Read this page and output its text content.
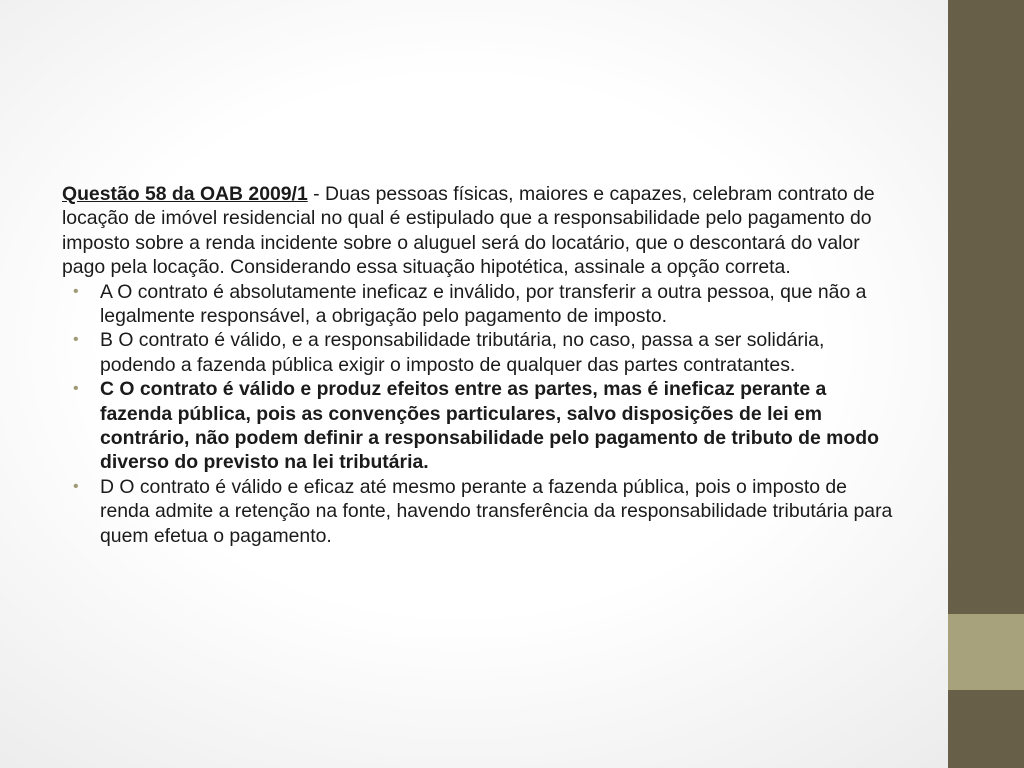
Questão 58 da OAB 2009/1 - Duas pessoas físicas, maiores e capazes, celebram contrato de locação de imóvel residencial no qual é estipulado que a responsabilidade pelo pagamento do imposto sobre a renda incidente sobre o aluguel será do locatário, que o descontará do valor pago pela locação. Considerando essa situação hipotética, assinale a opção correta.

• A O contrato é absolutamente ineficaz e inválido, por transferir a outra pessoa, que não a legalmente responsável, a obrigação pelo pagamento de imposto.
• B O contrato é válido, e a responsabilidade tributária, no caso, passa a ser solidária, podendo a fazenda pública exigir o imposto de qualquer das partes contratantes.
• C O contrato é válido e produz efeitos entre as partes, mas é ineficaz perante a fazenda pública, pois as convenções particulares, salvo disposições de lei em contrário, não podem definir a responsabilidade pelo pagamento de tributo de modo diverso do previsto na lei tributária.
• D O contrato é válido e eficaz até mesmo perante a fazenda pública, pois o imposto de renda admite a retenção na fonte, havendo transferência da responsabilidade tributária para quem efetua o pagamento.
